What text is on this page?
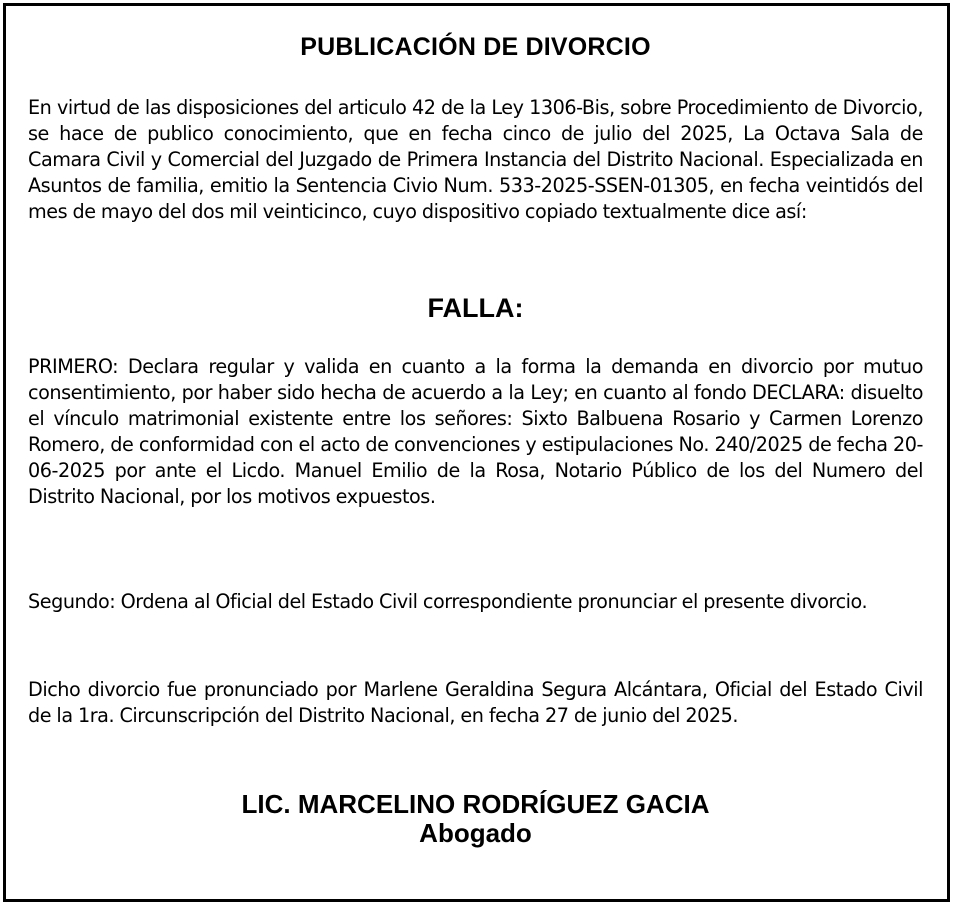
PUBLICACIÓN DE DIVORCIO

En virtud de las disposiciones del articulo 42 de la Ley 1306-Bis, sobre Procedimiento de Divorcio, se hace de publico conocimiento, que en fecha cinco de julio del 2025, La Octava Sala de Camara Civil y Comercial del Juzgado de Primera Instancia del Distrito Nacional. Especializada en Asuntos de familia, emitio la Sentencia Civio Num. 533-2025-SSEN-01305, en fecha veintidós del mes de mayo del dos mil veinticinco, cuyo dispositivo copiado textualmente dice así:

FALLA:

PRIMERO: Declara regular y valida en cuanto a la forma la demanda en divorcio por mutuo consentimiento, por haber sido hecha de acuerdo a la Ley; en cuanto al fondo DECLARA: disuelto el vínculo matrimonial existente entre los señores: Sixto Balbuena Rosario y Carmen Lorenzo Romero, de conformidad con el acto de convenciones y estipulaciones No. 240/2025 de fecha 20-06-2025 por ante el Licdo. Manuel Emilio de la Rosa, Notario Público de los del Numero del Distrito Nacional, por los motivos expuestos.

Segundo: Ordena al Oficial del Estado Civil correspondiente pronunciar el presente divorcio.

Dicho divorcio fue pronunciado por Marlene Geraldina Segura Alcántara, Oficial del Estado Civil de la 1ra. Circunscripción del Distrito Nacional, en fecha 27 de junio del 2025.

LIC. MARCELINO RODRÍGUEZ GACIA
Abogado
